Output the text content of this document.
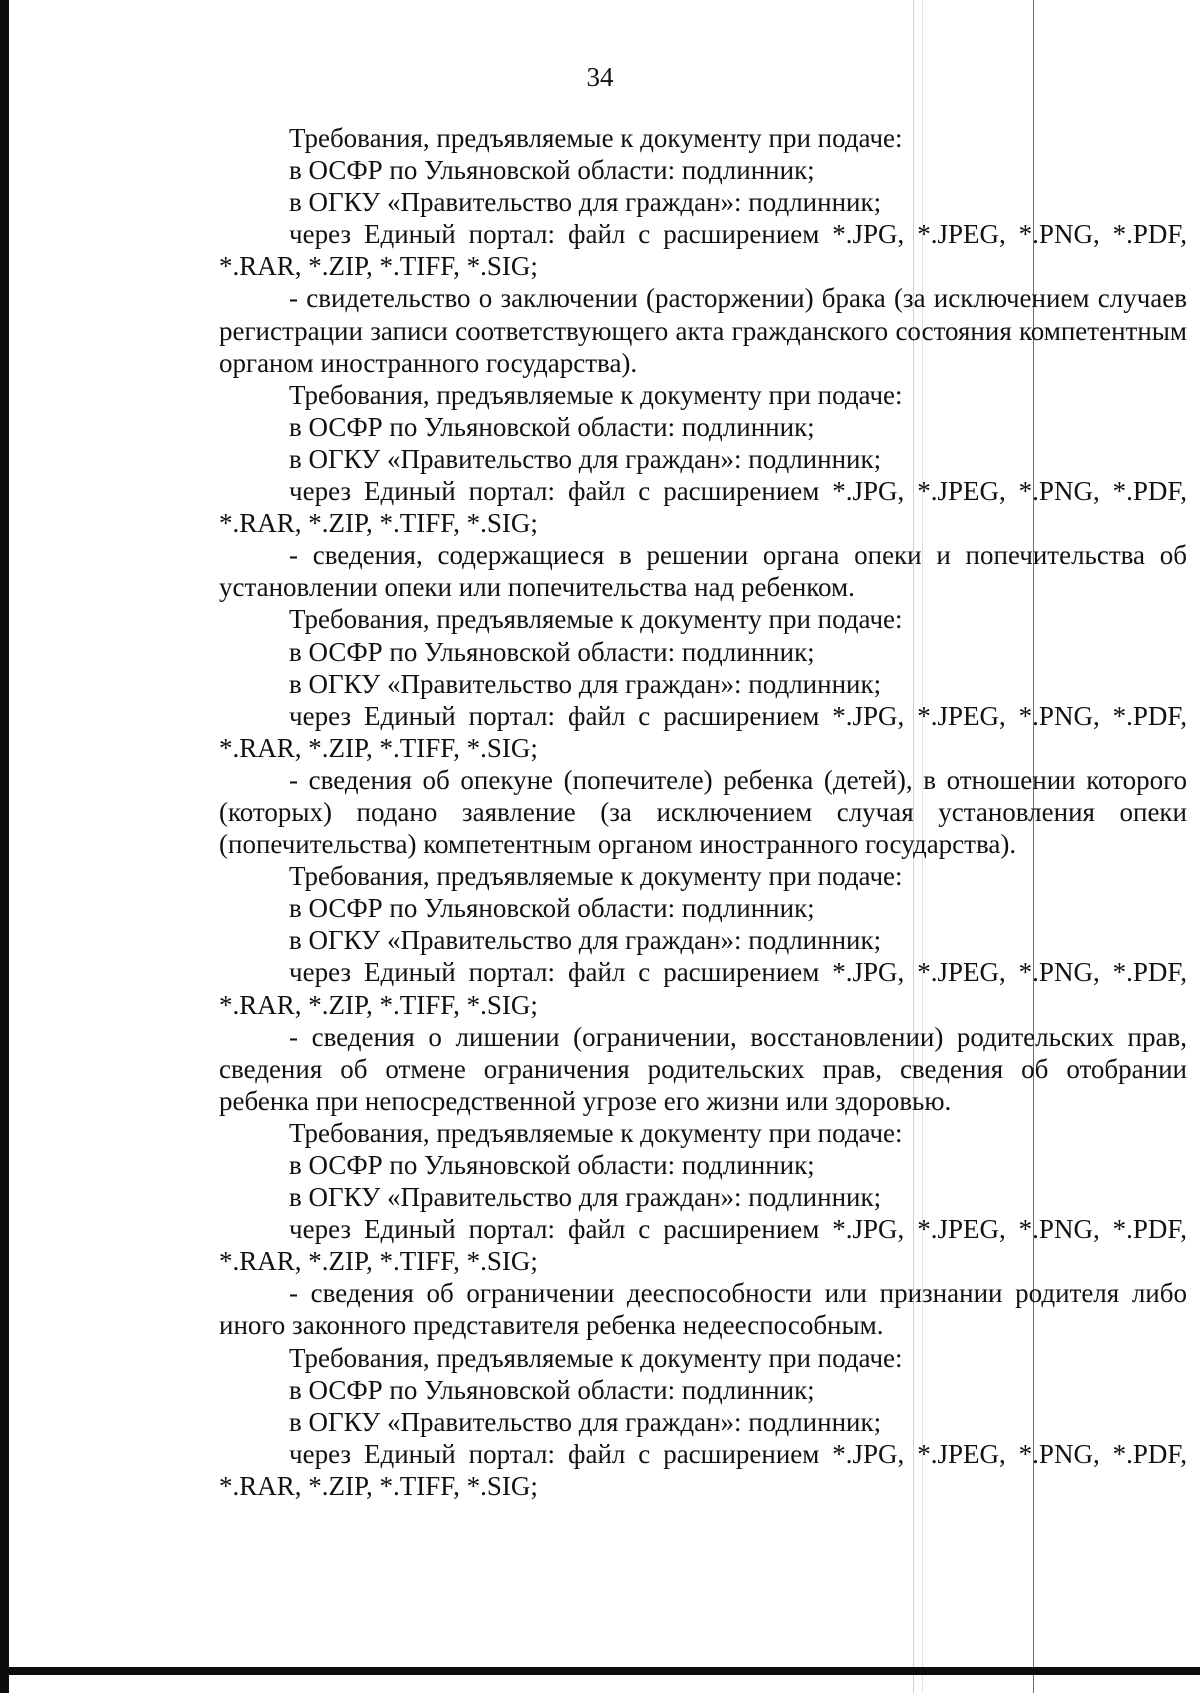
34

Требования, предъявляемые к документу при подаче:

в ОСФР по Ульяновской области: подлинник;

в ОГКУ «Правительство для граждан»: подлинник;

через Единый портал: файл с расширением *.JPG, *.JPEG, *.PNG, *.PDF, *.RAR, *.ZIP, *.TIFF, *.SIG;

- свидетельство о заключении (расторжении) брака (за исключением случаев регистрации записи соответствующего акта гражданского состояния компетентным органом иностранного государства).

Требования, предъявляемые к документу при подаче:

в ОСФР по Ульяновской области: подлинник;

в ОГКУ «Правительство для граждан»: подлинник;

через Единый портал: файл с расширением *.JPG, *.JPEG, *.PNG, *.PDF, *.RAR, *.ZIP, *.TIFF, *.SIG;

- сведения, содержащиеся в решении органа опеки и попечительства об установлении опеки или попечительства над ребенком.

Требования, предъявляемые к документу при подаче:

в ОСФР по Ульяновской области: подлинник;

в ОГКУ «Правительство для граждан»: подлинник;

через Единый портал: файл с расширением *.JPG, *.JPEG, *.PNG, *.PDF, *.RAR, *.ZIP, *.TIFF, *.SIG;

- сведения об опекуне (попечителе) ребенка (детей), в отношении которого (которых) подано заявление (за исключением случая установления опеки (попечительства) компетентным органом иностранного государства).

Требования, предъявляемые к документу при подаче:

в ОСФР по Ульяновской области: подлинник;

в ОГКУ «Правительство для граждан»: подлинник;

через Единый портал: файл с расширением *.JPG, *.JPEG, *.PNG, *.PDF, *.RAR, *.ZIP, *.TIFF, *.SIG;

- сведения о лишении (ограничении, восстановлении) родительских прав, сведения об отмене ограничения родительских прав, сведения об отобрании ребенка при непосредственной угрозе его жизни или здоровью.

Требования, предъявляемые к документу при подаче:

в ОСФР по Ульяновской области: подлинник;

в ОГКУ «Правительство для граждан»: подлинник;

через Единый портал: файл с расширением *.JPG, *.JPEG, *.PNG, *.PDF, *.RAR, *.ZIP, *.TIFF, *.SIG;

- сведения об ограничении дееспособности или признании родителя либо иного законного представителя ребенка недееспособным.

Требования, предъявляемые к документу при подаче:

в ОСФР по Ульяновской области: подлинник;

в ОГКУ «Правительство для граждан»: подлинник;

через Единый портал: файл с расширением *.JPG, *.JPEG, *.PNG, *.PDF, *.RAR, *.ZIP, *.TIFF, *.SIG;
